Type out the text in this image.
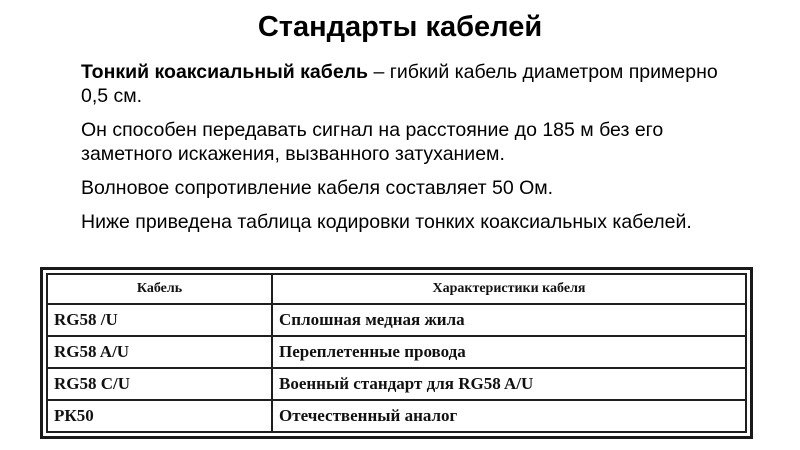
Стандарты кабелей

Тонкий коаксиальный кабель – гибкий кабель диаметром примерно 0,5 см.

Он способен передавать сигнал на расстояние до 185 м без его заметного искажения, вызванного затуханием.

Волновое сопротивление кабеля составляет 50 Ом.

Ниже приведена таблица кодировки тонких коаксиальных кабелей.

Кабель	Характеристики кабеля
RG58 /U	Сплошная медная жила
RG58 A/U	Переплетенные провода
RG58 C/U	Военный стандарт для RG58 A/U
РК50	Отечественный аналог
